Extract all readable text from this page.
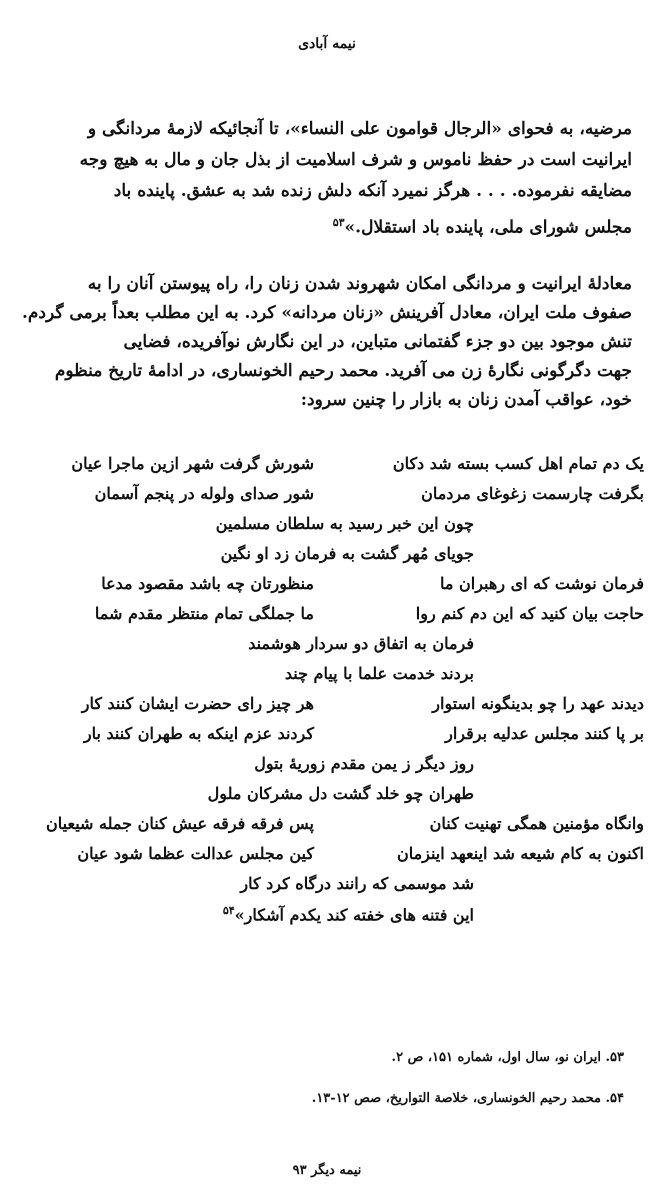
نیمه آبادی
مرضیه، به فحوای «الرجال قوامون علی النساء»، تا آنجائیکه لازمهٔ مردانگی و
ایرانیت است در حفظ ناموس و شرف اسلامیت از بذل جان و مال به هیچ وجه
مضایقه نفرموده. . . . هرگز نمیرد آنکه دلش زنده شد به عشق. پاینده باد
مجلس شورای ملی، پاینده باد استقلال.»$^{۵۳}$
معادلهٔ ایرانیت و مردانگی امکان شهروند شدن زنان را، راه پیوستن آنان را به
صفوف ملت ایران، معادل آفرینش «زنان مردانه» کرد. به این مطلب بعداً برمی گردم.
تنش موجود بین دو جزء گفتمانی متباین، در این نگارش نوآفریده، فضایی
جهت دگرگونی نگارهٔ زن می آفرید. محمد رحیم الخونساری، در ادامهٔ تاریخ منظوم
خود، عواقب آمدن زنان به بازار را چنین سرود:
یک دم تمام اهل کسب بسته شد دکان
شورش گرفت شهر ازین ماجرا عیان
بگرفت چارسمت زغوغای مردمان
شور صدای ولوله در پنجم آسمان
چون این خبر رسید به سلطان مسلمین
جویای مُهر گشت به فرمان زد او نگین
فرمان نوشت که ای رهبران ما
منظورتان چه باشد مقصود مدعا
حاجت بیان کنید که این دم کنم روا
ما جملگی تمام منتظر مقدم شما
فرمان به اتفاق دو سردار هوشمند
بردند خدمت علما با پیام چند
دیدند عهد را چو بدینگونه استوار
هر چیز رای حضرت ایشان کنند کار
بر پا کنند مجلس عدلیه برقرار
کردند عزم اینکه به طهران کنند بار
روز دیگر ز یمن مقدم زوریهٔ بتول
طهران چو خلد گشت دل مشرکان ملول
وانگاه مؤمنین همگی تهنیت کنان
پس فرقه فرقه عیش کنان جمله شیعیان
اکنون به کام شیعه شد اینعهد اینزمان
کین مجلس عدالت عظما شود عیان
شد موسمی که رانند درگاه کرد کار
این فتنه های خفته کند یکدم آشکار»$^{۵۴}$
۵۳. ایران نو، سال اول، شماره ۱۵۱، ص ۲.
۵۴. محمد رحیم الخونساری، خلاصة التواریخ، صص ۱۲-۱۳.
نیمه دیگر ۹۳
